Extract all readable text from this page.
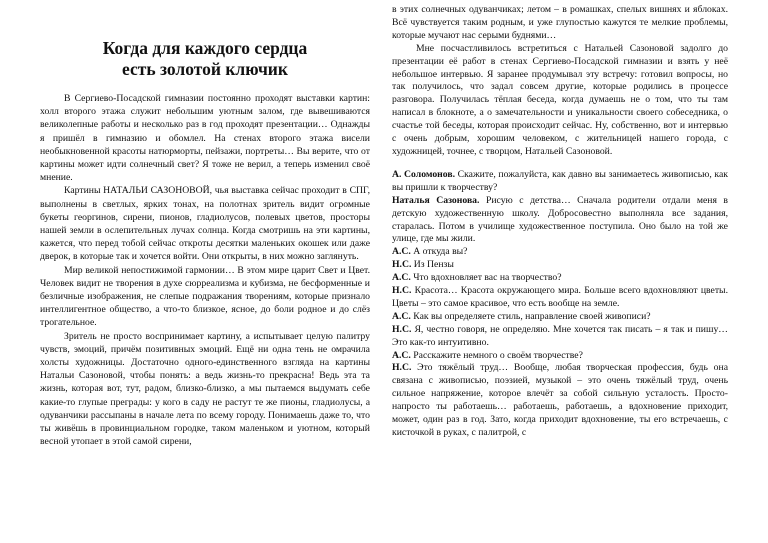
Когда для каждого сердца
есть золотой ключик

В Сергиево-Посадской гимназии постоянно проходят выставки картин: холл второго этажа служит небольшим уютным залом, где вывешиваются великолепные работы и несколько раз в год проходят презентации… Однажды я пришёл в гимназию и обомлел. На стенах второго этажа висели необыкновенной красоты натюрморты, пейзажи, портреты… Вы верите, что от картины может идти солнечный свет? Я тоже не верил, а теперь изменил своё мнение.

Картины НАТАЛЬИ САЗОНОВОЙ, чья выставка сейчас проходит в СПГ, выполнены в светлых, ярких тонах, на полотнах зритель видит огромные букеты георгинов, сирени, пионов, гладиолусов, полевых цветов, просторы нашей земли в ослепительных лучах солнца. Когда смотришь на эти картины, кажется, что перед тобой сейчас откроты десятки маленьких окошек или даже дверок, в которые так и хочется войти. Они открыты, в них можно заглянуть.

Мир великой непостижимой гармонии… В этом мире царит Свет и Цвет. Человек видит не творения в духе сюрреализма и кубизма, не бесформенные и безличные изображения, не слепые подражания творениям, которые признало интеллигентное общество, а что-то близкое, ясное, до боли родное и до слёз трогательное.

Зритель не просто воспринимает картину, а испытывает целую палитру чувств, эмоций, причём позитивных эмоций. Ещё ни одна тень не омрачила холсты художницы. Достаточно одного-единственного взгляда на картины Натальи Сазоновой, чтобы понять: а ведь жизнь-то прекрасна! Ведь эта та жизнь, которая вот, тут, радом, близко-близко, а мы пытаемся выдумать себе какие-то глупые преграды: у кого в саду не растут те же пионы, гладиолусы, а одуванчики рассыпаны в начале лета по всему городу. Понимаешь даже то, что ты живёшь в провинциальном городке, таком маленьком и уютном, который весной утопает в этой самой сирени,

в этих солнечных одуванчиках; летом – в ромашках, спелых вишнях и яблоках. Всё чувствуется таким родным, и уже глупостью кажутся те мелкие проблемы, которые мучают нас серыми буднями…

Мне посчастливилось встретиться с Натальей Сазоновой задолго до презентации её работ в стенах Сергиево-Посадской гимназии и взять у неё небольшое интервью. Я заранее продумывал эту встречу: готовил вопросы, но так получилось, что задал совсем другие, которые родились в процессе разговора. Получилась тёплая беседа, когда думаешь не о том, что ты там написал в блокноте, а о замечательности и уникальности своего собеседника, о счастье той беседы, которая происходит сейчас. Ну, собственно, вот и интервью с очень добрым, хорошим человеком, с жительницей нашего города, с художницей, точнее, с творцом, Натальей Сазоновой.

А. Соломонов. Скажите, пожалуйста, как давно вы занимаетесь живописью, как вы пришли к творчеству?

Наталья Сазонова. Рисую с детства… Сначала родители отдали меня в детскую художественную школу. Добросовестно выполняла все задания, старалась. Потом в училище художественное поступила. Оно было на той же улице, где мы жили.

А.С. А откуда вы?

Н.С. Из Пензы

А.С. Что вдохновляет вас на творчество?

Н.С. Красота… Красота окружающего мира. Больше всего вдохновляют цветы. Цветы – это самое красивое, что есть вообще на земле.

А.С. Как вы определяете стиль, направление своей живописи?

Н.С. Я, честно говоря, не определяю. Мне хочется так писать – я так и пишу… Это как-то интуитивно.

А.С. Расскажите немного о своём творчестве?

Н.С. Это тяжёлый труд… Вообще, любая творческая профессия, будь она связана с живописью, поэзией, музыкой – это очень тяжёлый труд, очень сильное напряжение, которое влечёт за собой сильную усталость. Просто-напросто ты работаешь… работаешь, работаешь, а вдохновение приходит, может, один раз в год. Зато, когда приходит вдохновение, ты его встречаешь, с кисточкой в руках, с палитрой, с
